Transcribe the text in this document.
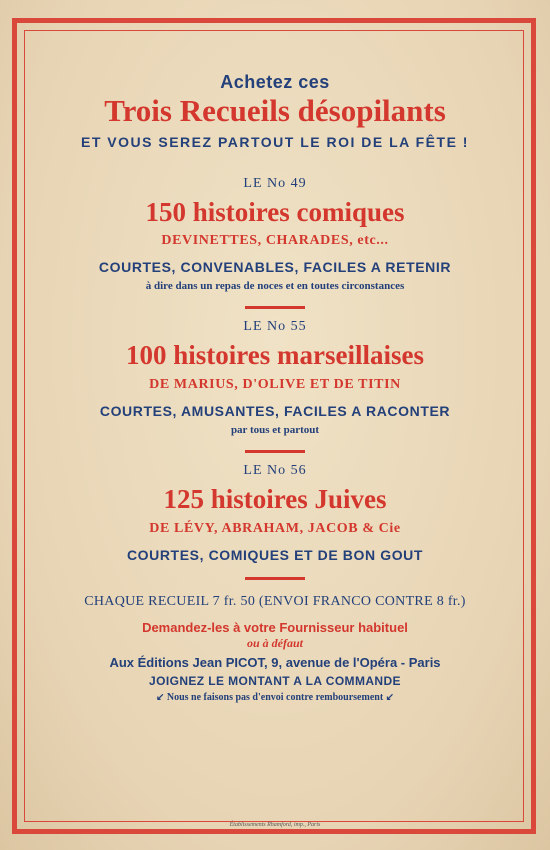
Achetez ces
Trois Recueils désopilants
ET VOUS SEREZ PARTOUT LE ROI DE LA FÊTE !
LE No 49
150 histoires comiques
DEVINETTES, CHARADES, etc...
COURTES, CONVENABLES, FACILES A RETENIR
à dire dans un repas de noces et en toutes circonstances
LE No 55
100 histoires marseillaises
DE MARIUS, D'OLIVE ET DE TITIN
COURTES, AMUSANTES, FACILES A RACONTER
par tous et partout
LE No 56
125 histoires Juives
DE LÉVY, ABRAHAM, JACOB & Cie
COURTES, COMIQUES ET DE BON GOUT
CHAQUE RECUEIL 7 fr. 50 (ENVOI FRANCO CONTRE 8 fr.)
Demandez-les à votre Fournisseur habituel
ou à défaut
Aux Éditions Jean PICOT, 9, avenue de l'Opéra - Paris
JOIGNEZ LE MONTANT A LA COMMANDE
↙ Nous ne faisons pas d'envoi contre remboursement ↙
Établissements Rhamford, imp., Paris
